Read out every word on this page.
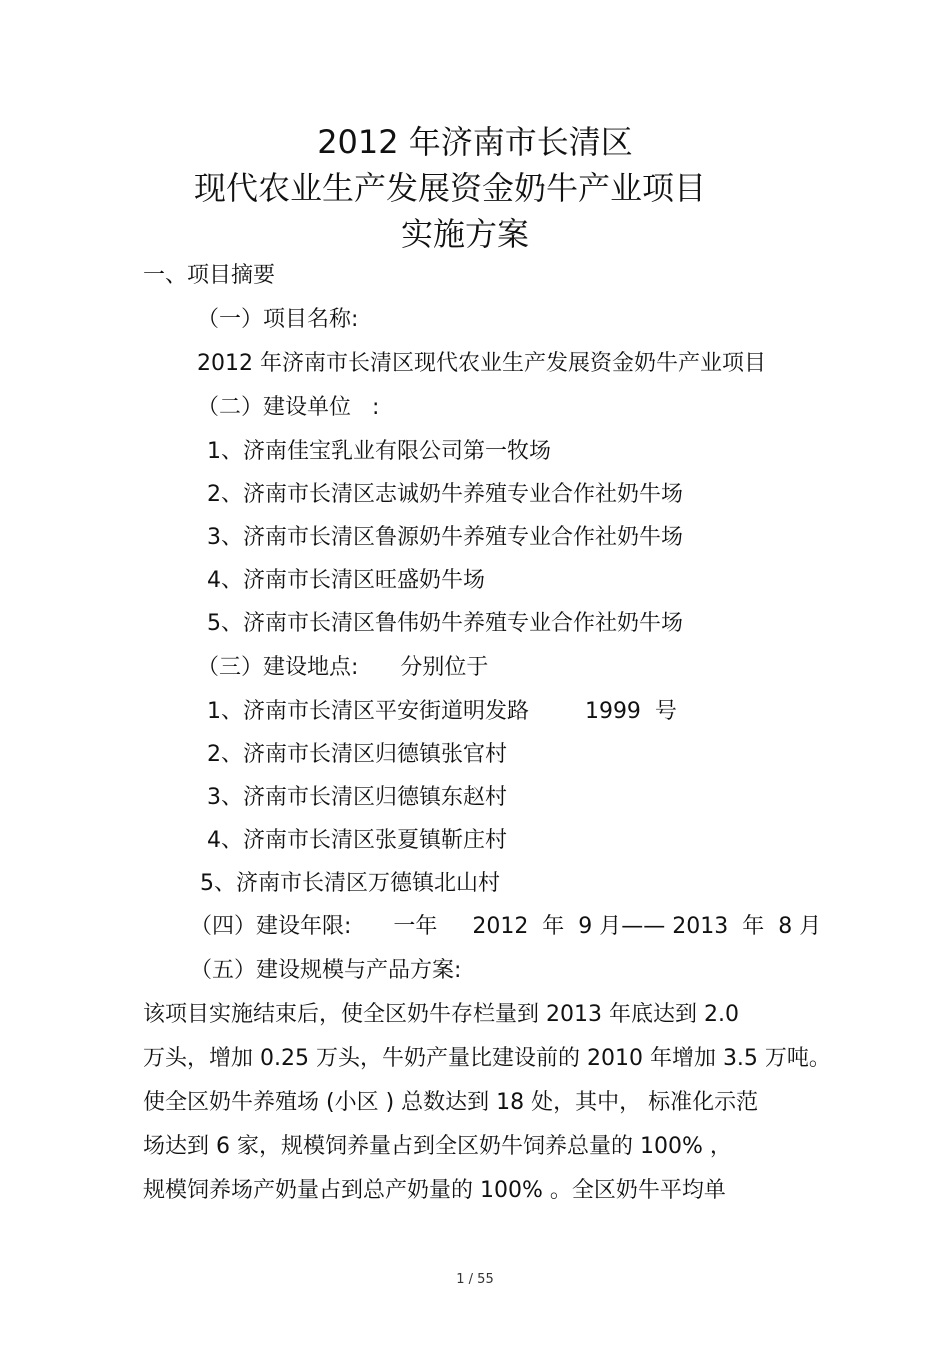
2012 年济南市长清区
现代农业生产发展资金奶牛产业项目
实施方案
一、项目摘要
（一）项目名称:
2012 年济南市长清区现代农业生产发展资金奶牛产业项目
（二）建设单位   :
1、济南佳宝乳业有限公司第一牧场
2、济南市长清区志诚奶牛养殖专业合作社奶牛场
3、济南市长清区鲁源奶牛养殖专业合作社奶牛场
4、济南市长清区旺盛奶牛场
5、济南市长清区鲁伟奶牛养殖专业合作社奶牛场
（三）建设地点:      分别位于
1、济南市长清区平安街道明发路        1999  号
2、济南市长清区归德镇张官村
3、济南市长清区归德镇东赵村
4、济南市长清区张夏镇靳庄村
5、济南市长清区万德镇北山村
（四）建设年限:      一年     2012  年  9 月—— 2013  年  8 月
（五）建设规模与产品方案:
该项目实施结束后，使全区奶牛存栏量到 2013 年底达到 2.0
万头，增加 0.25 万头，牛奶产量比建设前的 2010 年增加 3.5 万吨。
使全区奶牛养殖场 (小区 ) 总数达到 18 处，其中， 标准化示范
场达到 6 家，规模饲养量占到全区奶牛饲养总量的 100% ，
规模饲养场产奶量占到总产奶量的 100% 。全区奶牛平均单
1 / 55
